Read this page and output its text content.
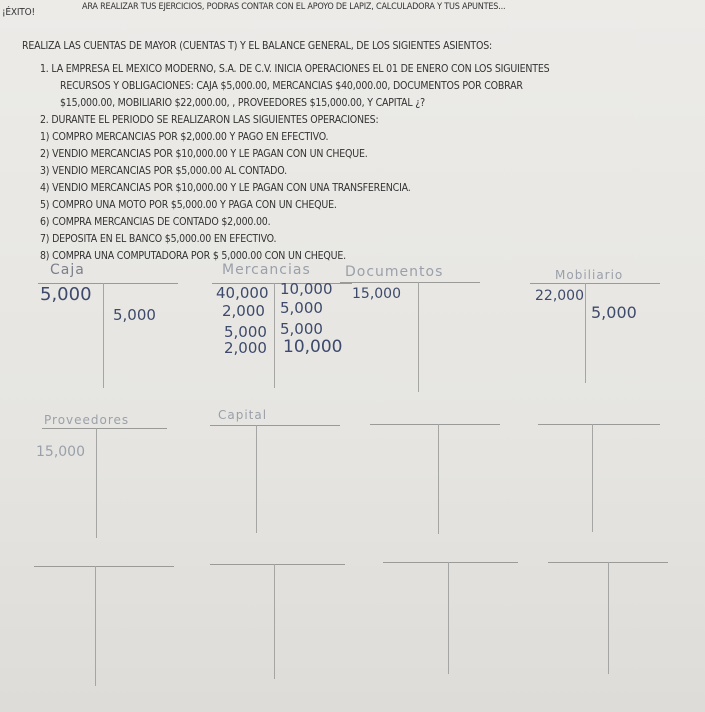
¡ÉXITO!	ARA REALIZAR TUS EJERCICIOS, PODRAS CONTAR CON EL APOYO DE LAPIZ, CALCULADORA Y TUS APUNTES...
REALIZA LAS CUENTAS DE MAYOR (CUENTAS T) Y EL BALANCE GENERAL, DE LOS SIGIENTES ASIENTOS:
1. LA EMPRESA EL MEXICO MODERNO, S.A. DE C.V. INICIA OPERACIONES EL 01 DE ENERO CON LOS SIGUIENTES
RECURSOS Y OBLIGACIONES: CAJA $5,000.00, MERCANCIAS $40,000.00, DOCUMENTOS POR COBRAR
$15,000.00, MOBILIARIO $22,000.00, , PROVEEDORES $15,000.00, Y CAPITAL ¿?
2. DURANTE EL PERIODO SE REALIZARON LAS SIGUIENTES OPERACIONES:
1) COMPRO MERCANCIAS POR $2,000.00 Y PAGO EN EFECTIVO.
2) VENDIO MERCANCIAS POR $10,000.00 Y LE PAGAN CON UN CHEQUE.
3) VENDIO MERCANCIAS POR $5,000.00 AL CONTADO.
4) VENDIO MERCANCIAS POR $10,000.00 Y LE PAGAN CON UNA TRANSFERENCIA.
5) COMPRO UNA MOTO POR $5,000.00 Y PAGA CON UN CHEQUE.
6) COMPRA MERCANCIAS DE CONTADO $2,000.00.
7) DEPOSITA EN EL BANCO $5,000.00 EN EFECTIVO.
8) COMPRA UNA COMPUTADORA POR $ 5,000.00 CON UN CHEQUE.
Caja
5,000
5,000
Mercancias
40,000
2,000
5,000
2,000
10,000
5,000
5,000
10,000
Documentos
15,000
Mobiliario
22,000
5,000
Proveedores
15,000
Capital
